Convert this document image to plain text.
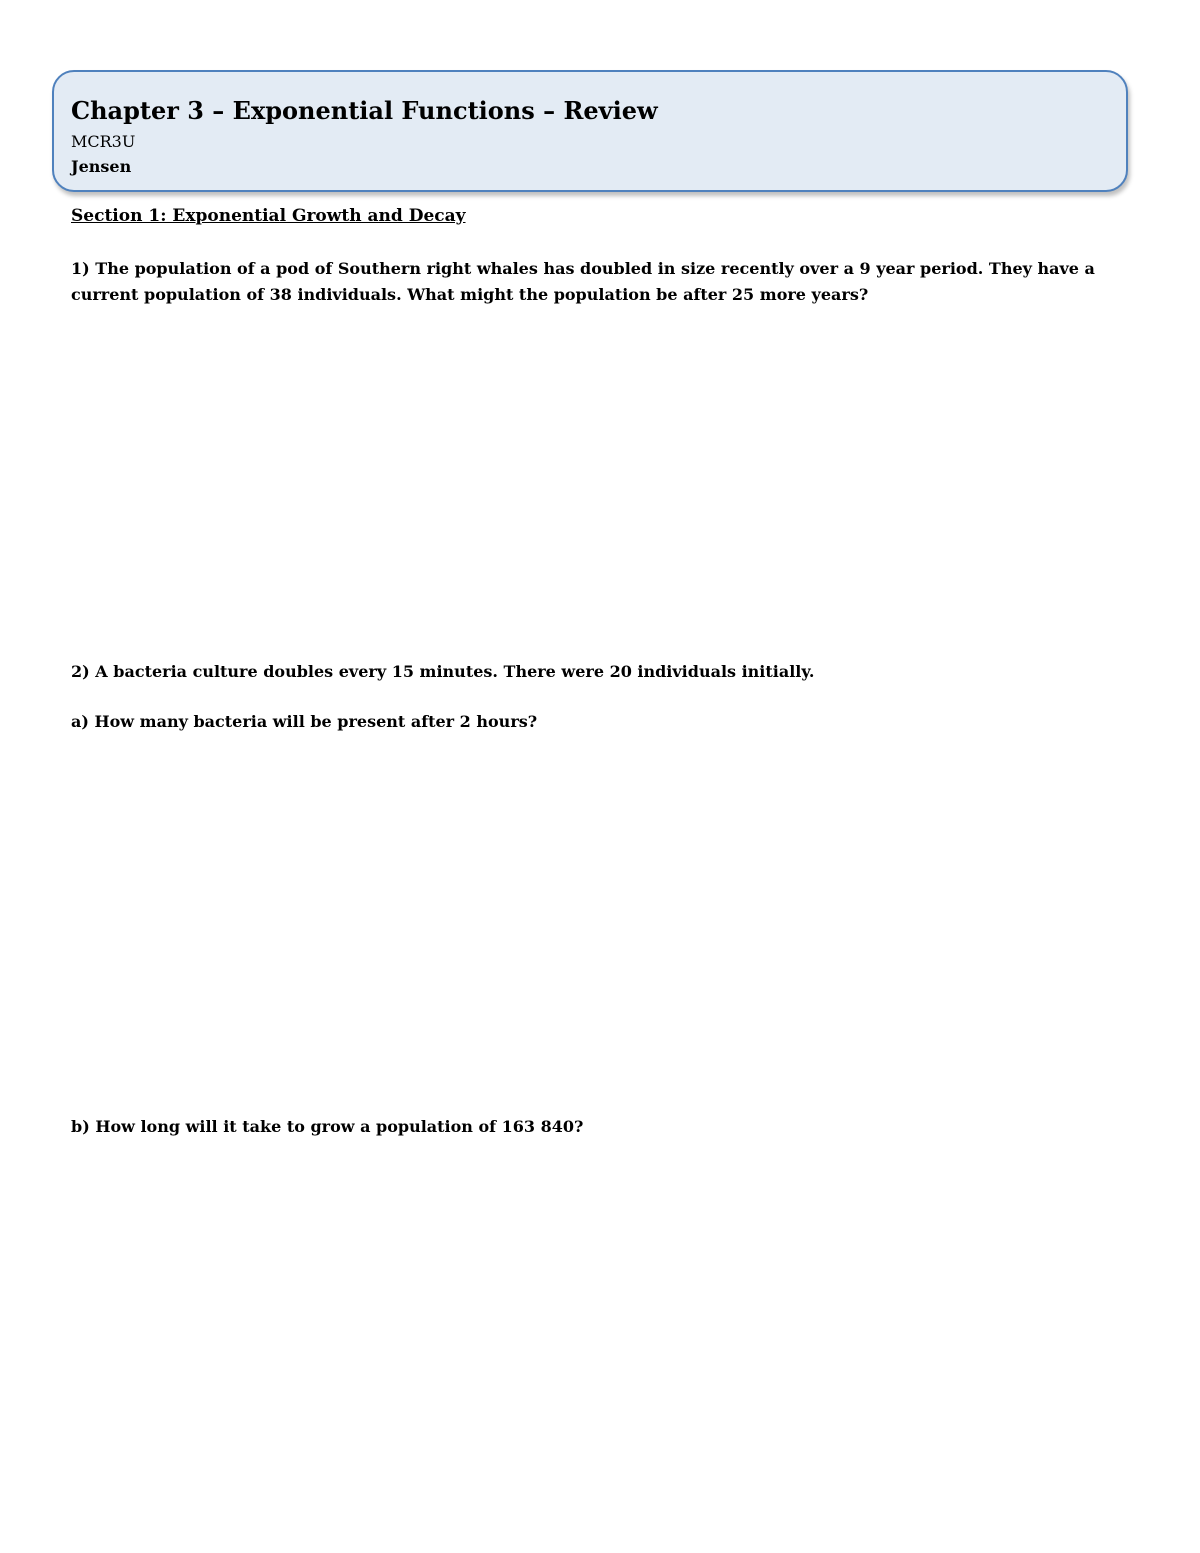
Chapter 3 – Exponential Functions – Review
MCR3U
Jensen
Section 1: Exponential Growth and Decay
1) The population of a pod of Southern right whales has doubled in size recently over a 9 year period. They have a current population of 38 individuals. What might the population be after 25 more years?
2) A bacteria culture doubles every 15 minutes. There were 20 individuals initially.
a) How many bacteria will be present after 2 hours?
b) How long will it take to grow a population of 163 840?
